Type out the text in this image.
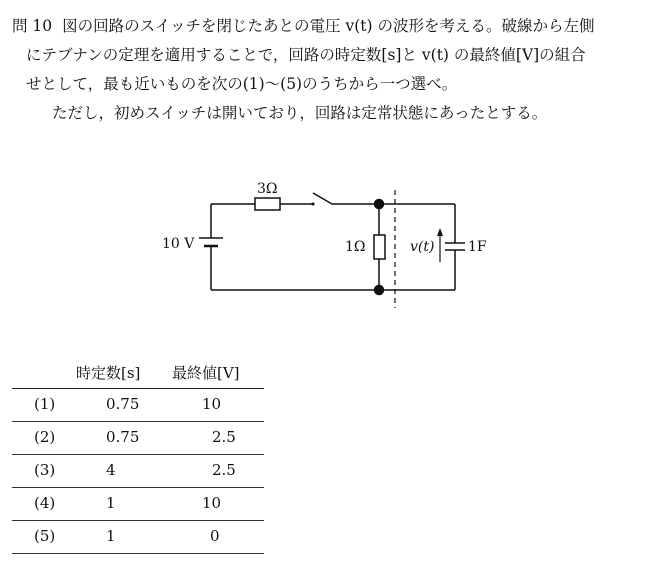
問 10 図の回路のスイッチを閉じたあとの電圧 v(t) の波形を考える。破線から左側
にテブナンの定理を適用することで，回路の時定数[s]と v(t) の最終値[V]の組合
せとして，最も近いものを次の(1)～(5)のうちから一つ選べ。
ただし，初めスイッチは開いており，回路は定常状態にあったとする。
10 V
3Ω
1Ω	v(t) 1F
時定数[s] 最終値[V]
(1)	0.75	10
(2)	0.75	2.5
(3)	4	2.5
(4)	1	10
(5)	1	0
